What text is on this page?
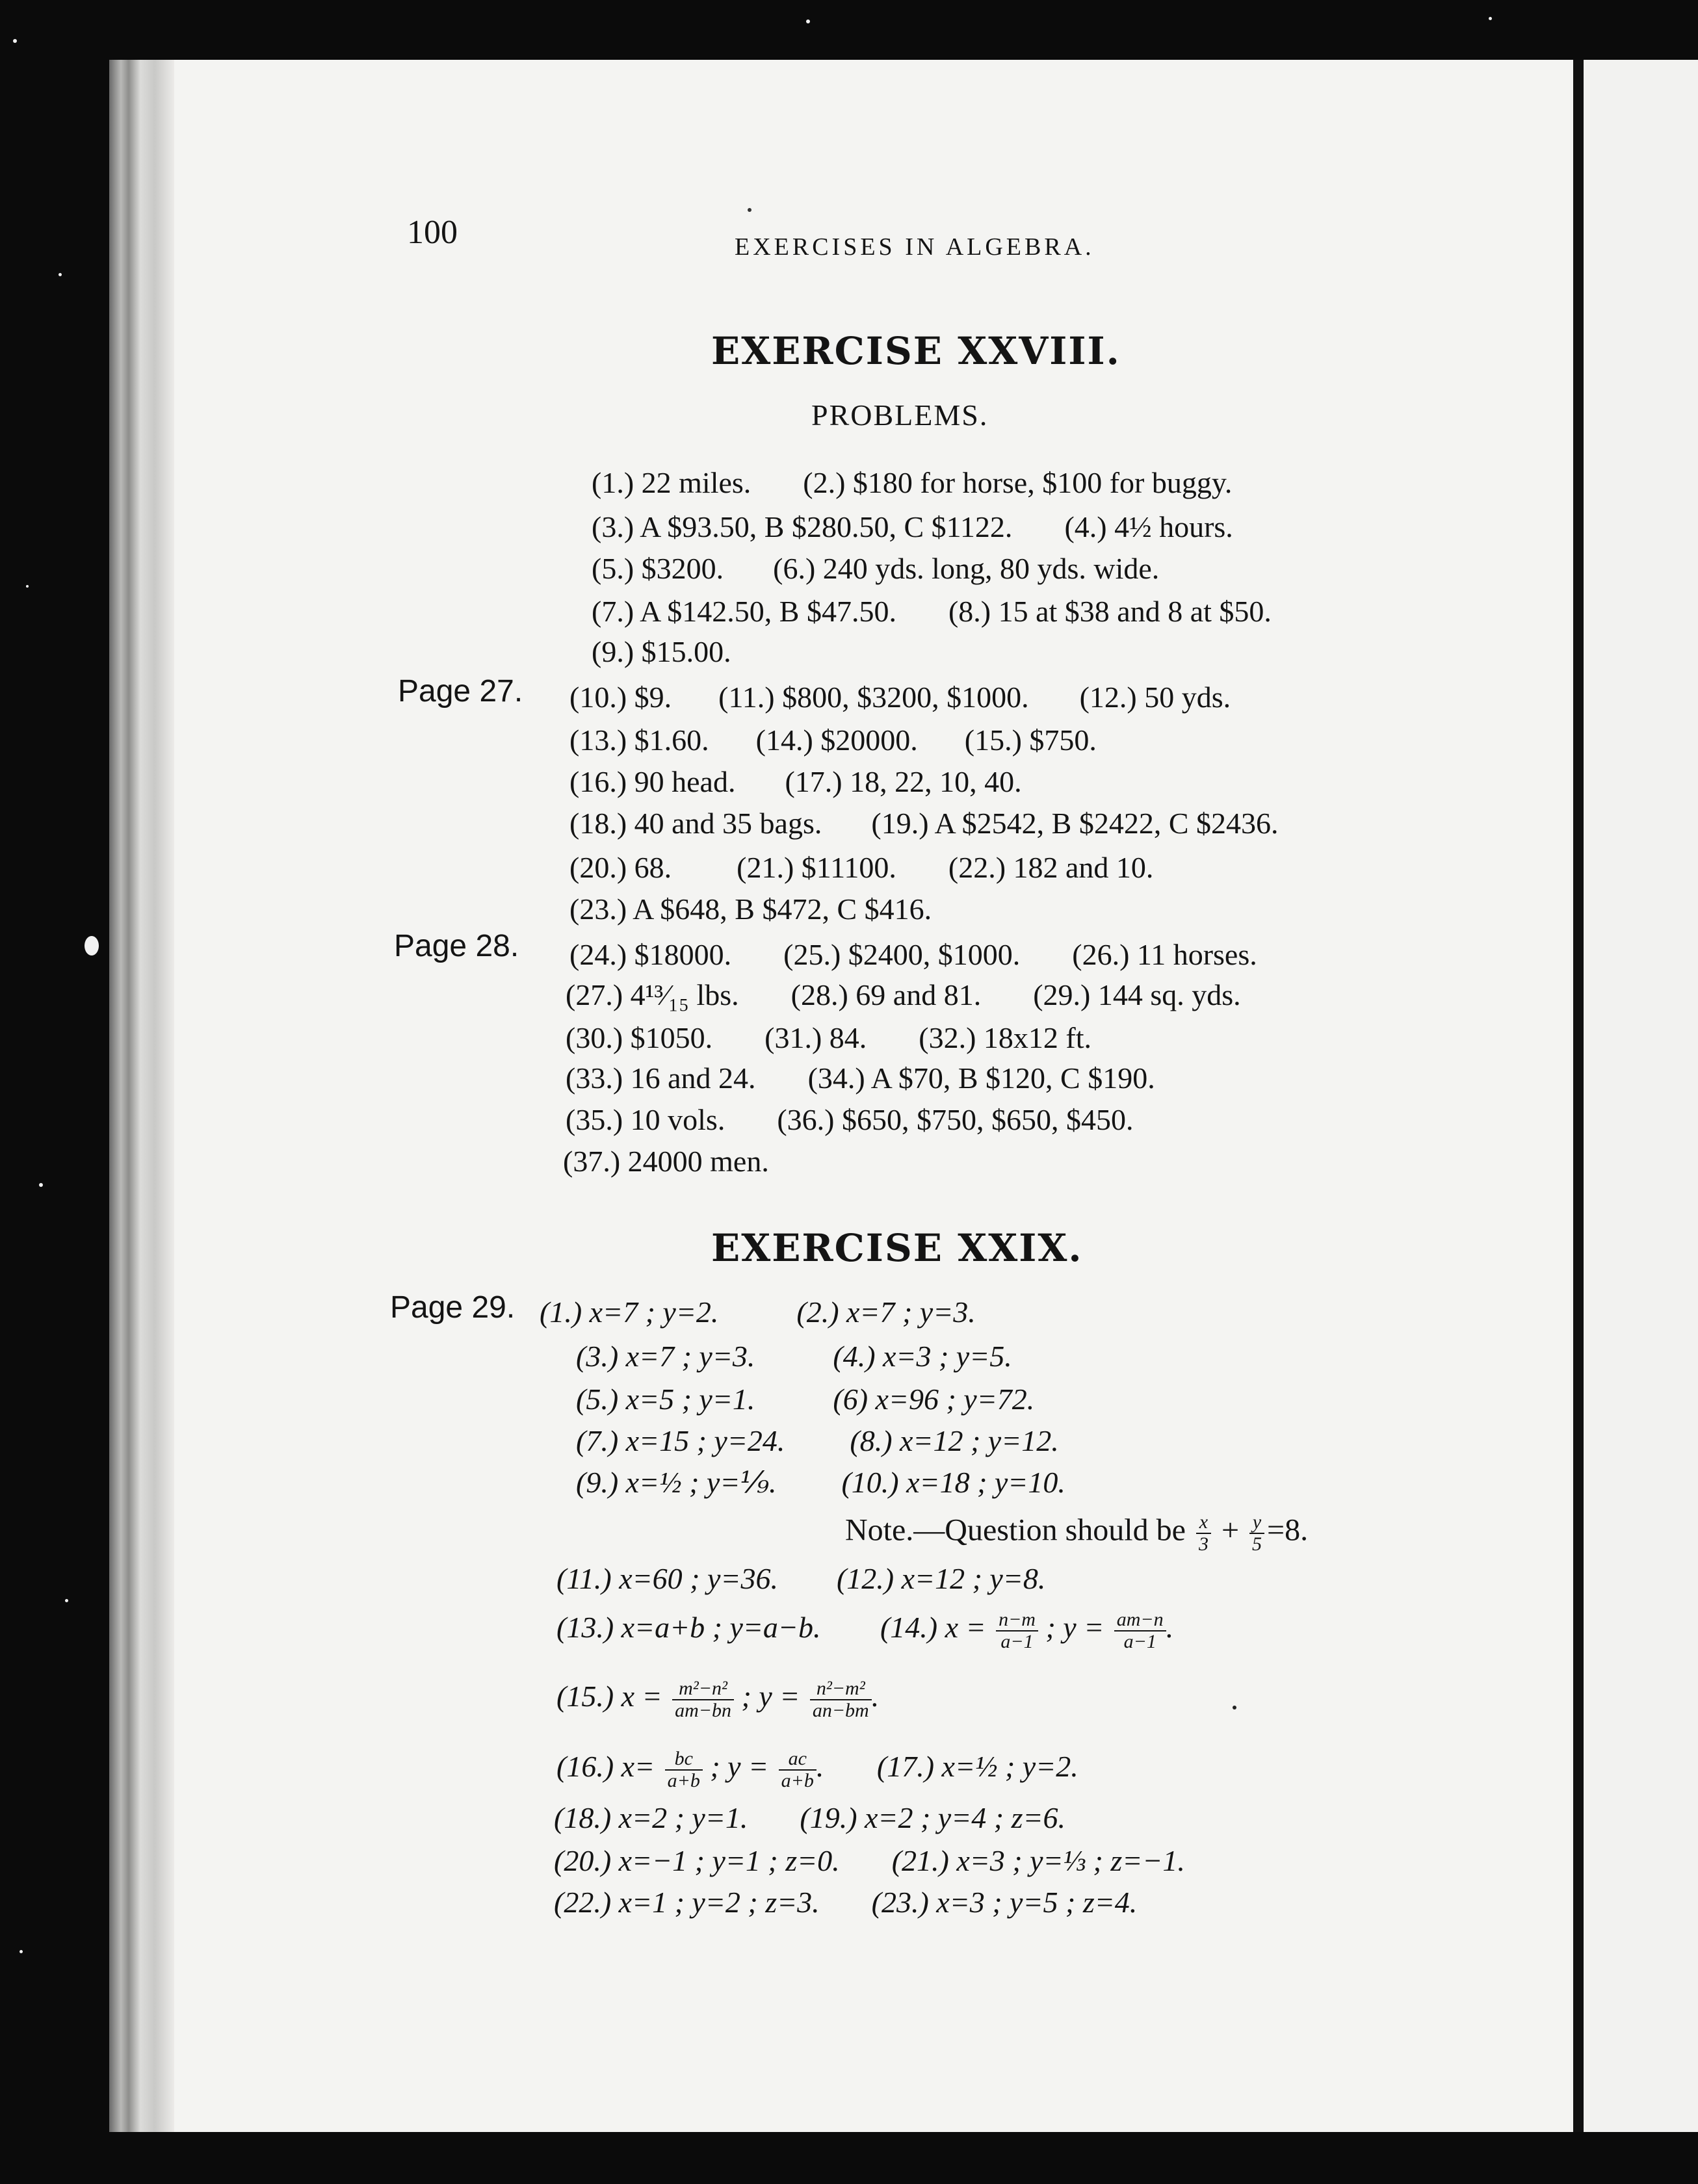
100	EXERCISES IN ALGEBRA.
EXERCISE XXVIII.
PROBLEMS.
Page 27.
Page 28.
(1.) 22 miles. (2.) $180 for horse, $100 for buggy.
(3.) A $93.50, B $280.50, C $1122. (4.) 4½ hours.
(5.) $3200. (6.) 240 yds. long, 80 yds. wide.
(7.) A $142.50, B $47.50. (8.) 15 at $38 and 8 at $50.
(9.) $15.00.
(10.) $9. (11.) $800, $3200, $1000. (12.) 50 yds.
(13.) $1.60. (14.) $20000. (15.) $750.
(16.) 90 head. (17.) 18, 22, 10, 40.
(18.) 40 and 35 bags. (19.) A $2542, B $2422, C $2436.
(20.) 68. (21.) $11100. (22.) 182 and 10.
(23.) A $648, B $472, C $416.
(24.) $18000. (25.) $2400, $1000. (26.) 11 horses.
(27.) 4¹³⁄₁₅ lbs. (28.) 69 and 81. (29.) 144 sq. yds.
(30.) $1050. (31.) 84. (32.) 18x12 ft.
(33.) 16 and 24. (34.) A $70, B $120, C $190.
(35.) 10 vols. (36.) $650, $750, $650, $450.
(37.) 24000 men.
EXERCISE XXIX.
Page 29. (1.) x=7 ; y=2.	(2.) x=7 ; y=3.
(3.) x=7 ; y=3.	(4.) x=3 ; y=5.
(5.) x=5 ; y=1.	(6) x=96 ; y=72.
(7.) x=15 ; y=24. (8.) x=12 ; y=12.
(9.) x=½ ; y=⅑. (10.) x=18 ; y=10.
Note.—Question should be $\frac{x}{3} + \frac{y}{5} =8$.
(11.) x=60 ; y=36. (12.) x=12 ; y=8.
(13.) x=a+b ; y=a−b. (14.) $x = \frac{n-m}{a-1}$ ; $y = \frac{am-n}{a-1}$ .
(15.) $x = \frac{\text{m²−n²}}{am-bn}$ ; $y = \frac{\text{n²−m²}}{an-bm}$ .
(16.) $x= \frac{bc}{a+b}$ ; $y = \frac{ac}{a+b}$ . (17.) x=½ ; y=2.
(18.) x=2 ; y=1. (19.) x=2 ; y=4 ; z=6.
(20.) x=−1 ; y=1 ; z=0. (21.) x=3 ; y=⅓ ; z=−1.
(22.) x=1 ; y=2 ; z=3. (23.) x=3 ; y=5 ; z=4.
